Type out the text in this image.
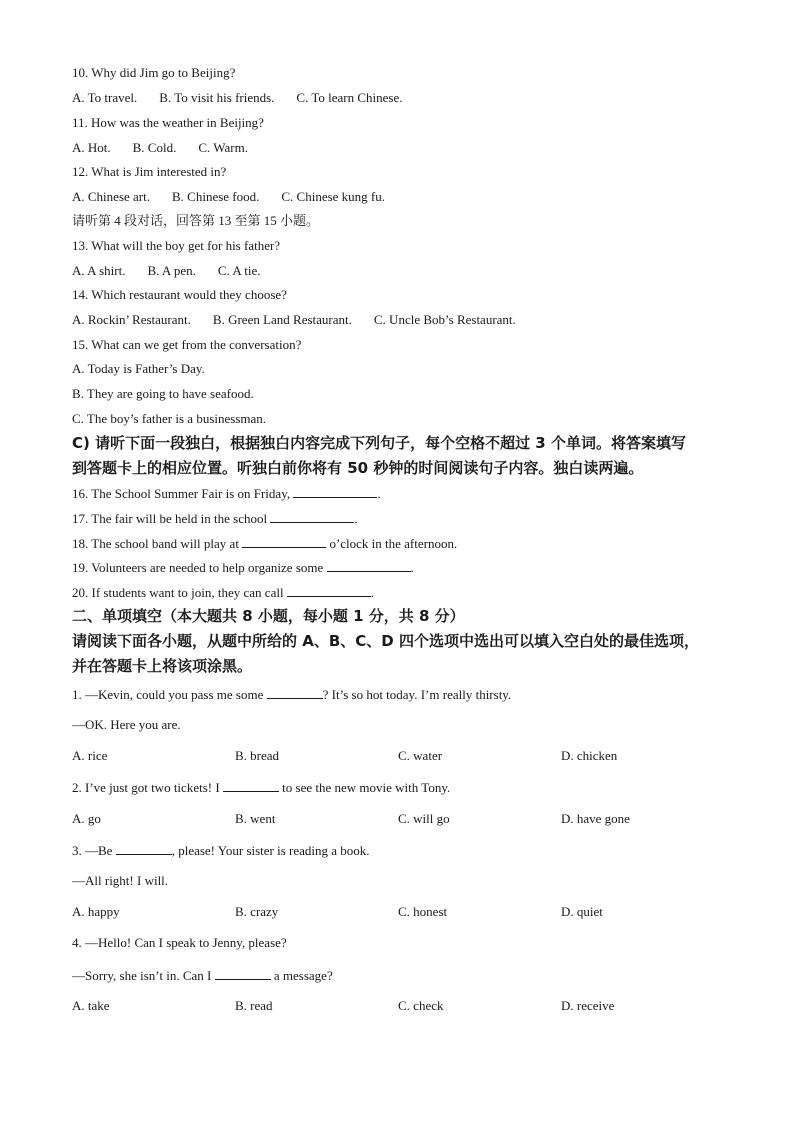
10. Why did Jim go to Beijing?
A. To travel. B. To visit his friends. C. To learn Chinese.
11. How was the weather in Beijing?
A. Hot. B. Cold. C. Warm.
12. What is Jim interested in?
A. Chinese art. B. Chinese food. C. Chinese kung fu.
请听第 4 段对话，回答第 13 至第 15 小题。
13. What will the boy get for his father?
A. A shirt. B. A pen. C. A tie.
14. Which restaurant would they choose?
A. Rockin’ Restaurant. B. Green Land Restaurant. C. Uncle Bob’s Restaurant.
15. What can we get from the conversation?
A. Today is Father’s Day.
B. They are going to have seafood.
C. The boy’s father is a businessman.
C) 请听下面一段独白，根据独白内容完成下列句子，每个空格不超过 3 个单词。将答案填写
到答题卡上的相应位置。听独白前你将有 50 秒钟的时间阅读句子内容。独白读两遍。
16. The School Summer Fair is on Friday,	.
17. The fair will be held in the school	.
18. The school band will play at	o’clock in the afternoon.
19. Volunteers are needed to help organize some	.
20. If students want to join, they can call	.
二、单项填空（本大题共 8 小题，每小题 1 分，共 8 分）
请阅读下面各小题，从题中所给的 A、B、C、D 四个选项中选出可以填入空白处的最佳选项，
并在答题卡上将该项涂黑。
1. —Kevin, could you pass me some	? It’s so hot today. I’m really thirsty.
—OK. Here you are.
A. rice	B. bread	C. water	D. chicken
2. I’ve just got two tickets! I	to see the new movie with Tony.
A. go	B. went	C. will go	D. have gone
3. —Be	, please! Your sister is reading a book.
—All right! I will.
A. happy	B. crazy	C. honest	D. quiet
4. —Hello! Can I speak to Jenny, please?
—Sorry, she isn’t in. Can I	a message?
A. take	B. read	C. check	D. receive
